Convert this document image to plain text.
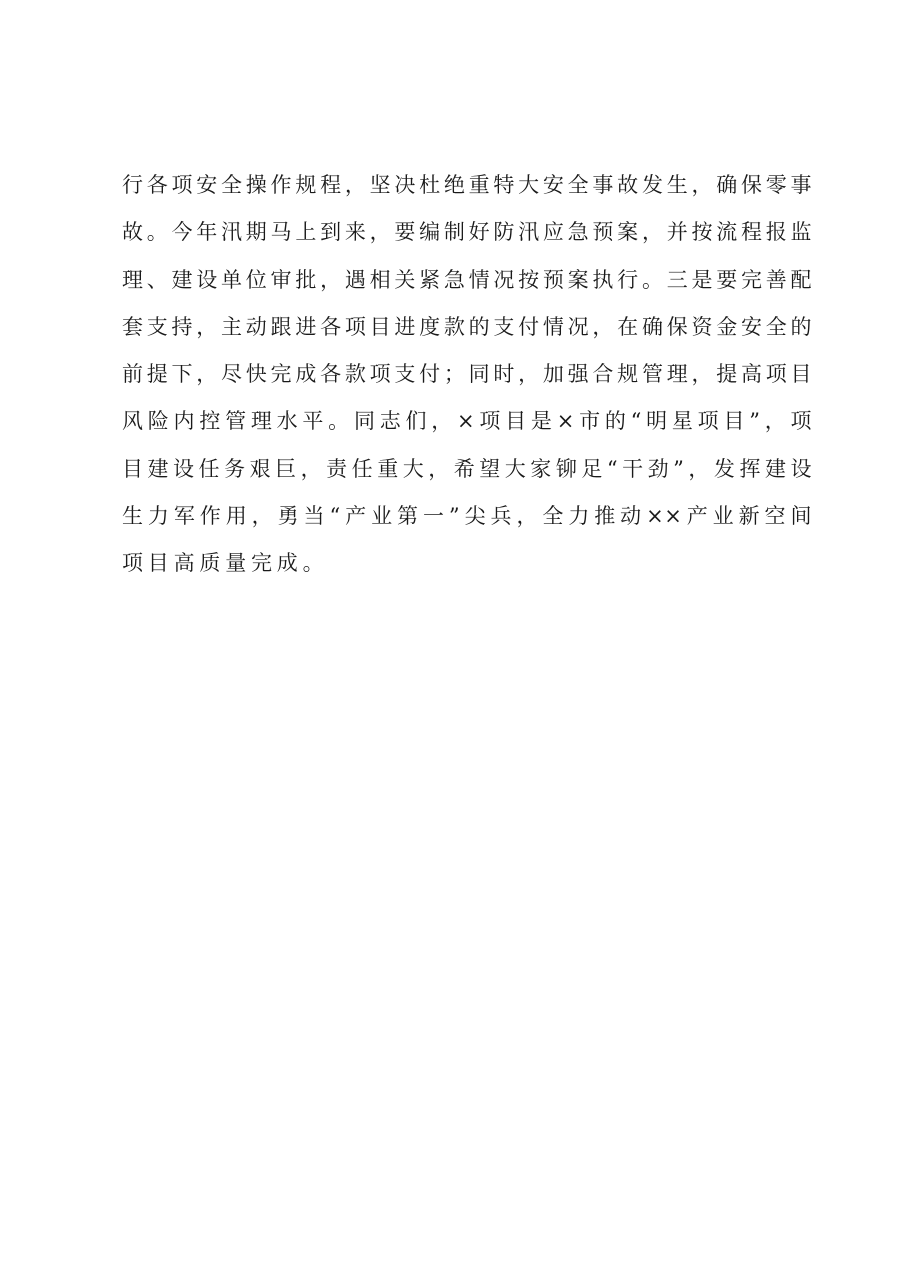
行各项安全操作规程，坚决杜绝重特大安全事故发生，确保零事
故。今年汛期马上到来，要编制好防汛应急预案，并按流程报监
理、建设单位审批，遇相关紧急情况按预案执行。三是要完善配
套支持，主动跟进各项目进度款的支付情况，在确保资金安全的
前提下，尽快完成各款项支付；同时，加强合规管理，提高项目
风险内控管理水平。同志们，×项目是×市的“明星项目”，项
目建设任务艰巨，责任重大，希望大家铆足“干劲”，发挥建设
生力军作用，勇当“产业第一”尖兵，全力推动××产业新空间
项目高质量完成。
